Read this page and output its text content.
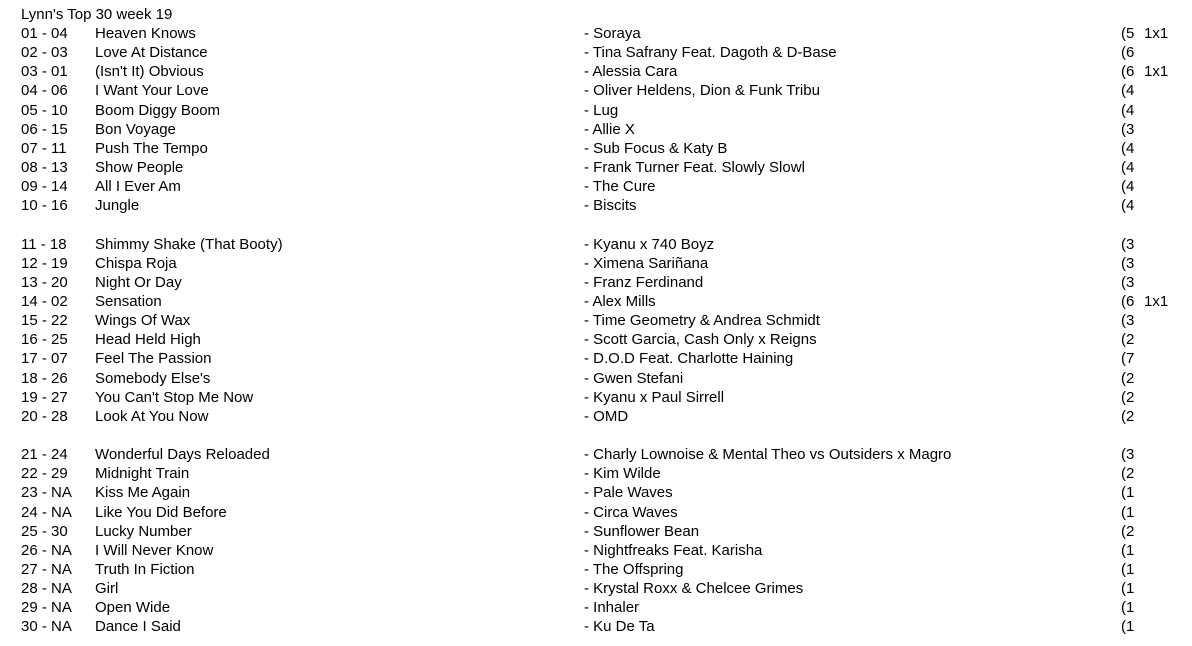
Lynn's Top 30 week 19
01 - 04 Heaven Knows	- Soraya	(5 1x1
02 - 03 Love At Distance	- Tina Safrany Feat. Dagoth & D-Base	(6
03 - 01 (Isn't It) Obvious	- Alessia Cara	(6 1x1
04 - 06 I Want Your Love	- Oliver Heldens, Dion & Funk Tribu	(4
05 - 10 Boom Diggy Boom	- Lug	(4
06 - 15 Bon Voyage	- Allie X	(3
07 - 11 Push The Tempo	- Sub Focus & Katy B	(4
08 - 13 Show People	- Frank Turner Feat. Slowly Slowl	(4
09 - 14 All I Ever Am	- The Cure	(4
10 - 16 Jungle	- Biscits	(4
11 - 18 Shimmy Shake (That Booty)	- Kyanu x 740 Boyz	(3
12 - 19 Chispa Roja	- Ximena Sariñana	(3
13 - 20 Night Or Day	- Franz Ferdinand	(3
14 - 02 Sensation	- Alex Mills	(6 1x1
15 - 22 Wings Of Wax	- Time Geometry & Andrea Schmidt	(3
16 - 25 Head Held High	- Scott Garcia, Cash Only x Reigns	(2
17 - 07 Feel The Passion	- D.O.D Feat. Charlotte Haining	(7
18 - 26 Somebody Else's	- Gwen Stefani	(2
19 - 27 You Can't Stop Me Now	- Kyanu x Paul Sirrell	(2
20 - 28 Look At You Now	- OMD	(2
21 - 24 Wonderful Days Reloaded	- Charly Lownoise & Mental Theo vs Outsiders x Magro	(3
22 - 29 Midnight Train	- Kim Wilde	(2
23 - NA Kiss Me Again	- Pale Waves	(1
24 - NA Like You Did Before	- Circa Waves	(1
25 - 30 Lucky Number	- Sunflower Bean	(2
26 - NA I Will Never Know	- Nightfreaks Feat. Karisha	(1
27 - NA Truth In Fiction	- The Offspring	(1
28 - NA Girl	- Krystal Roxx & Chelcee Grimes	(1
29 - NA Open Wide	- Inhaler	(1
30 - NA Dance I Said	- Ku De Ta	(1
